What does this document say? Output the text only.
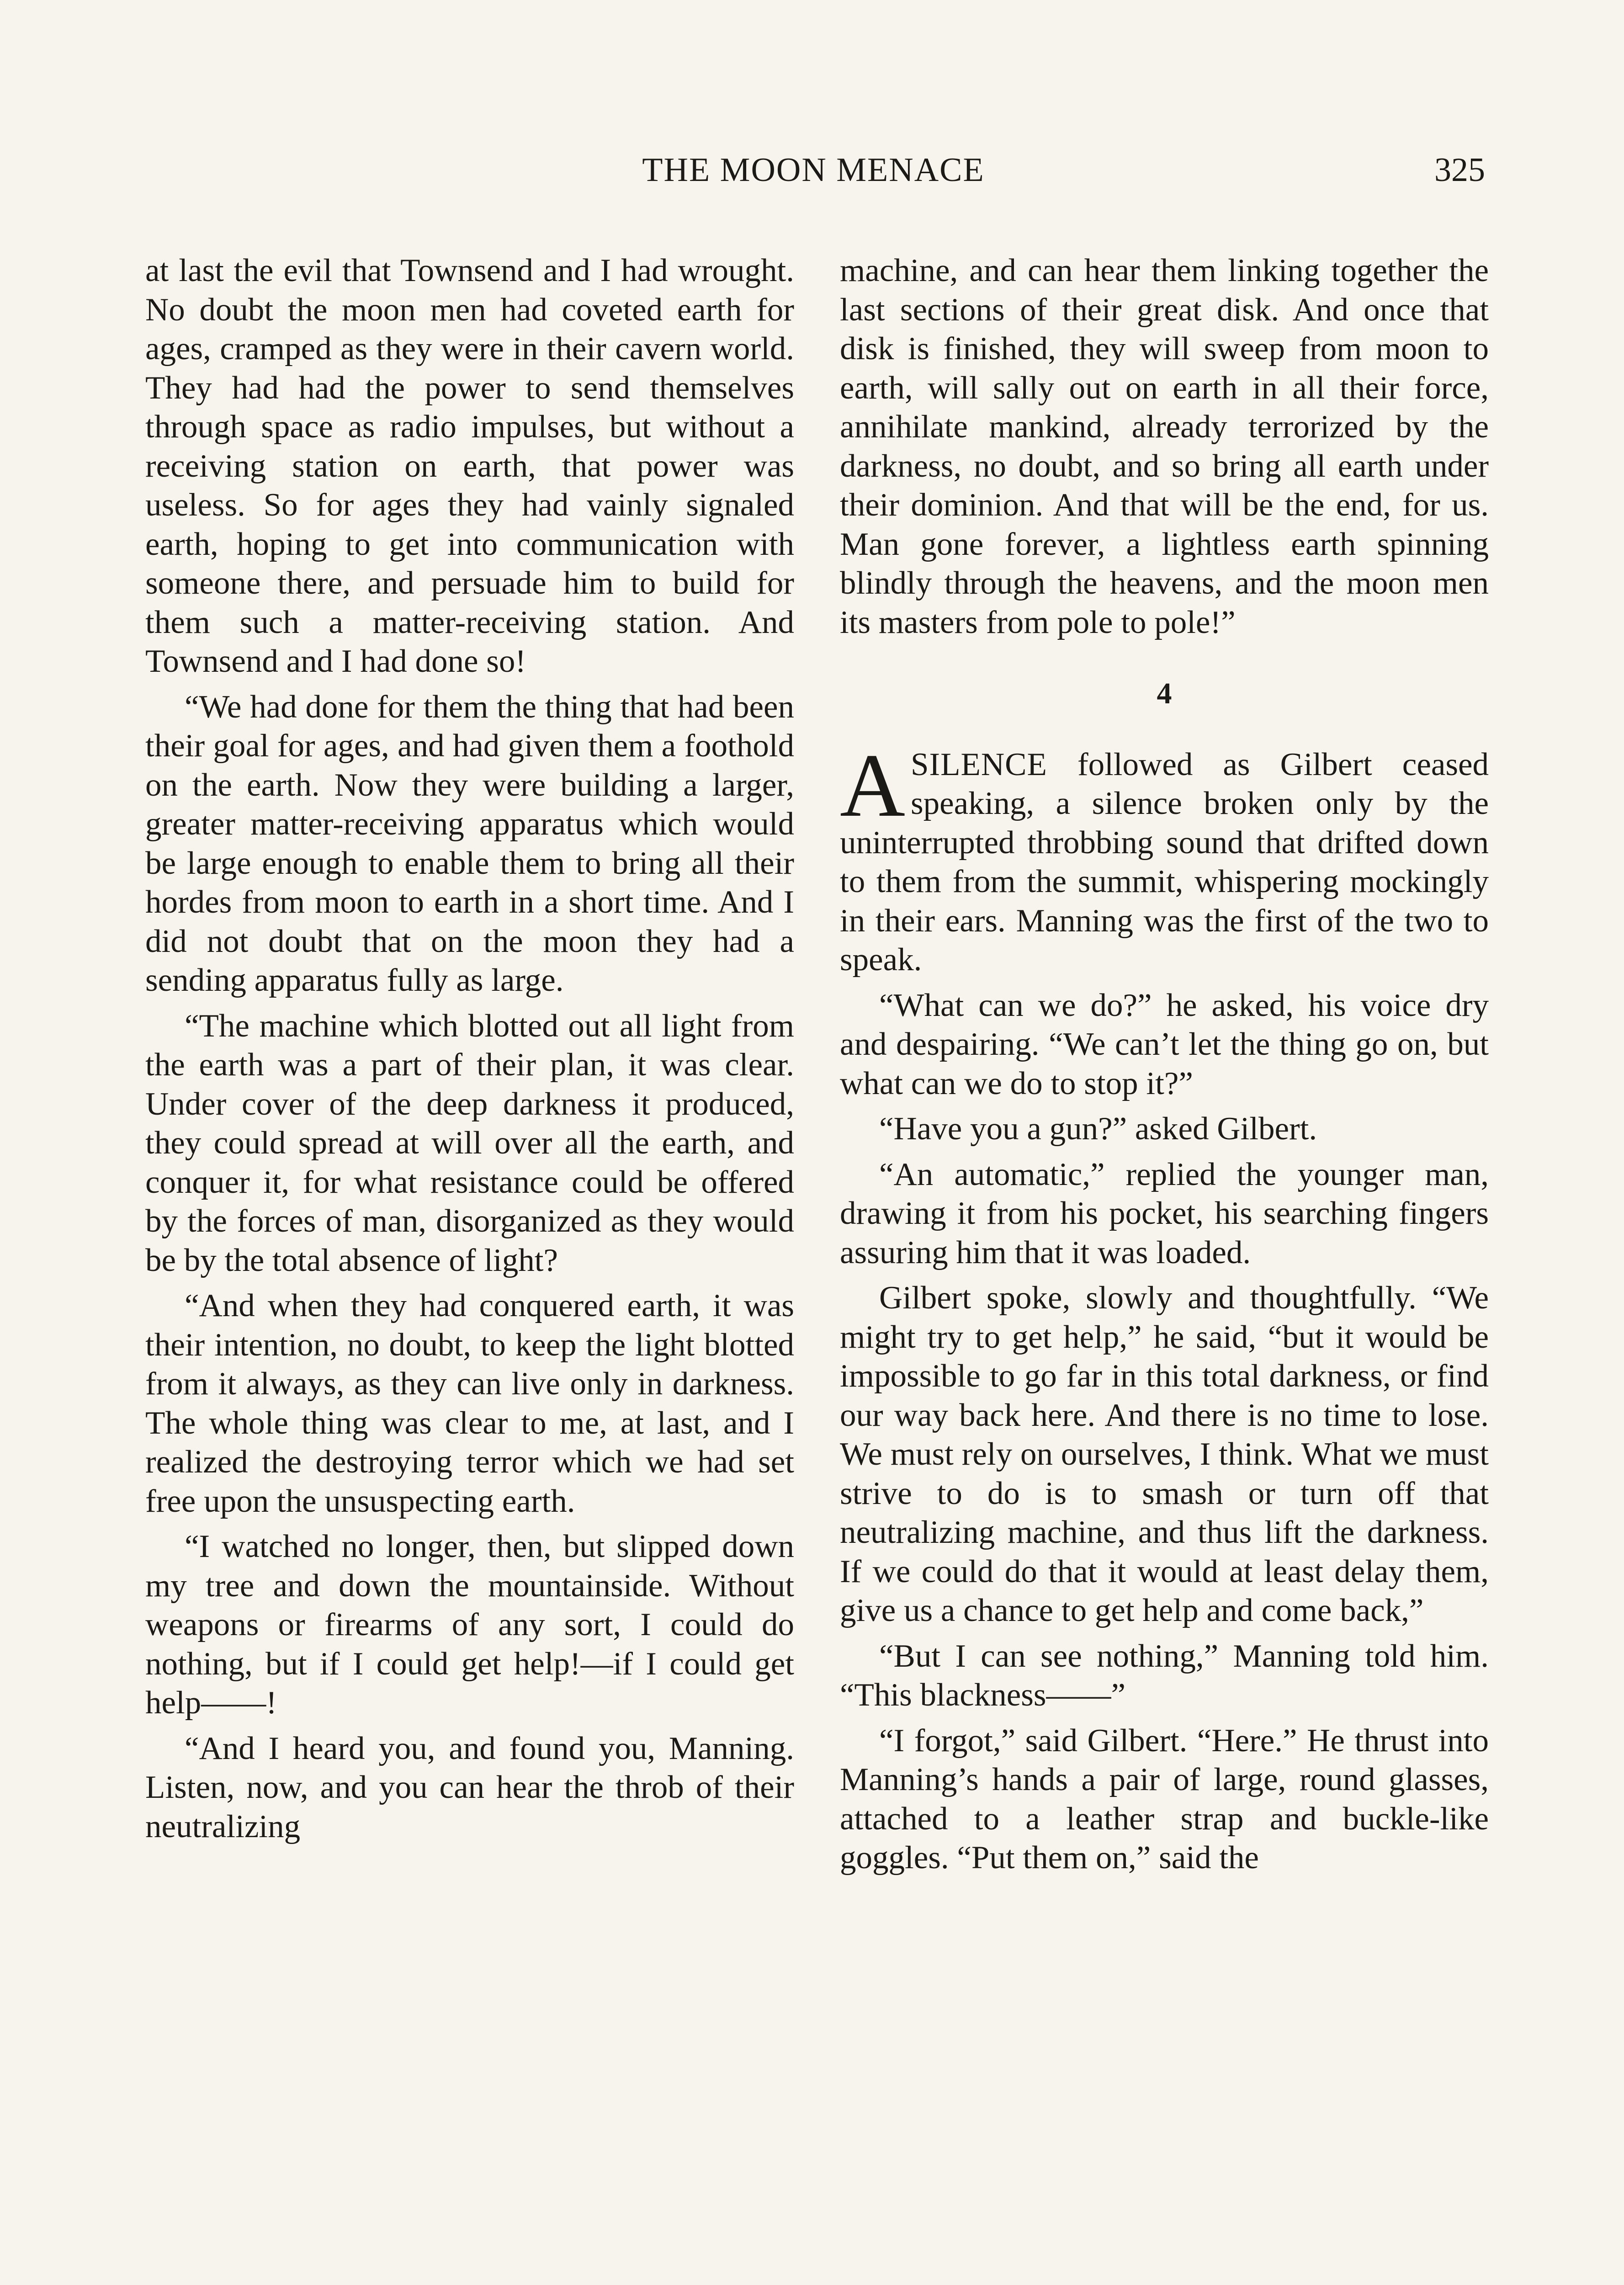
THE MOON MENACE	325

at last the evil that Townsend and I had wrought. No doubt the moon men had coveted earth for ages, cramped as they were in their cavern world. They had had the power to send themselves through space as radio impulses, but without a receiving station on earth, that power was useless. So for ages they had vainly signaled earth, hoping to get into communication with someone there, and persuade him to build for them such a matter-receiving station. And Townsend and I had done so!

“We had done for them the thing that had been their goal for ages, and had given them a foothold on the earth. Now they were building a larger, greater matter-receiving apparatus which would be large enough to enable them to bring all their hordes from moon to earth in a short time. And I did not doubt that on the moon they had a sending apparatus fully as large.

“The machine which blotted out all light from the earth was a part of their plan, it was clear. Under cover of the deep darkness it produced, they could spread at will over all the earth, and conquer it, for what resistance could be offered by the forces of man, disorganized as they would be by the total absence of light?

“And when they had conquered earth, it was their intention, no doubt, to keep the light blotted from it always, as they can live only in darkness. The whole thing was clear to me, at last, and I realized the destroying terror which we had set free upon the unsuspecting earth.

“I watched no longer, then, but slipped down my tree and down the mountainside. Without weapons or firearms of any sort, I could do nothing, but if I could get help!—if I could get help——!

“And I heard you, and found you, Manning. Listen, now, and you can hear the throb of their neutralizing

machine, and can hear them linking together the last sections of their great disk. And once that disk is finished, they will sweep from moon to earth, will sally out on earth in all their force, annihilate mankind, already terrorized by the darkness, no doubt, and so bring all earth under their dominion. And that will be the end, for us. Man gone forever, a lightless earth spinning blindly through the heavens, and the moon men its masters from pole to pole!”

4

ASILENCE followed as Gilbert ceased speaking, a silence broken only by the uninterrupted throbbing sound that drifted down to them from the summit, whispering mockingly in their ears. Manning was the first of the two to speak.

“What can we do?” he asked, his voice dry and despairing. “We can’t let the thing go on, but what can we do to stop it?”

“Have you a gun?” asked Gilbert.

“An automatic,” replied the younger man, drawing it from his pocket, his searching fingers assuring him that it was loaded.

Gilbert spoke, slowly and thoughtfully. “We might try to get help,” he said, “but it would be impossible to go far in this total darkness, or find our way back here. And there is no time to lose. We must rely on ourselves, I think. What we must strive to do is to smash or turn off that neutralizing machine, and thus lift the darkness. If we could do that it would at least delay them, give us a chance to get help and come back,”

“But I can see nothing,” Manning told him. “This blackness——”

“I forgot,” said Gilbert. “Here.” He thrust into Manning’s hands a pair of large, round glasses, attached to a leather strap and buckle-like goggles. “Put them on,” said the
